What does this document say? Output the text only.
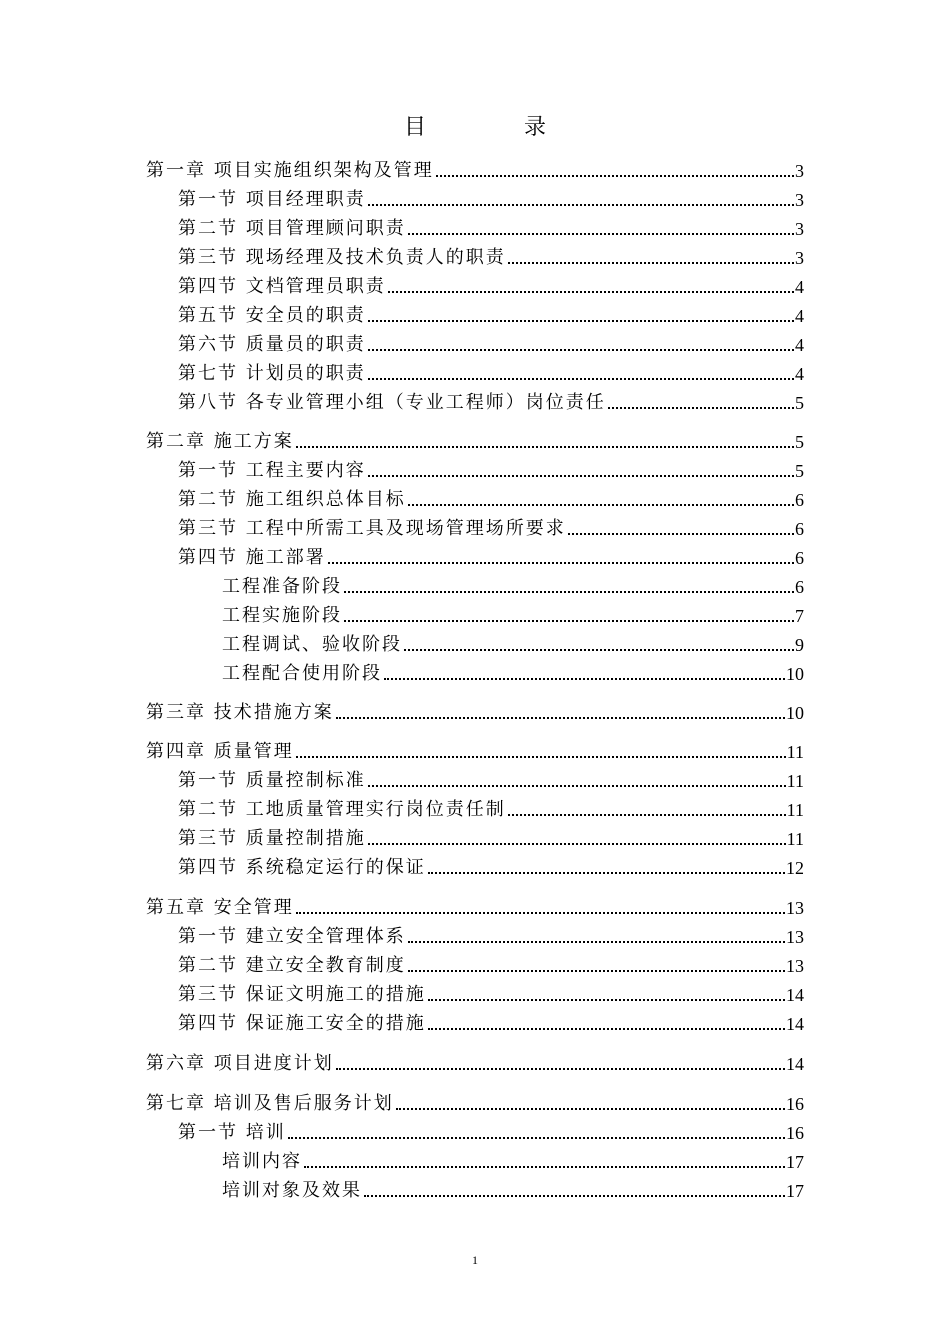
目　录
第一章 项目实施组织架构及管理	3
第一节 项目经理职责	3
第二节 项目管理顾问职责	3
第三节 现场经理及技术负责人的职责	3
第四节 文档管理员职责	4
第五节 安全员的职责	4
第六节 质量员的职责	4
第七节 计划员的职责	4
第八节 各专业管理小组（专业工程师）岗位责任	5
第二章 施工方案	5
第一节 工程主要内容	5
第二节 施工组织总体目标	6
第三节 工程中所需工具及现场管理场所要求	6
第四节 施工部署	6
工程准备阶段	6
工程实施阶段	7
工程调试、验收阶段	9
工程配合使用阶段	10
第三章 技术措施方案	10
第四章 质量管理	11
第一节 质量控制标准	11
第二节 工地质量管理实行岗位责任制	11
第三节 质量控制措施	11
第四节 系统稳定运行的保证	12
第五章 安全管理	13
第一节 建立安全管理体系	13
第二节 建立安全教育制度	13
第三节 保证文明施工的措施	14
第四节 保证施工安全的措施	14
第六章 项目进度计划	14
第七章 培训及售后服务计划	16
第一节 培训	16
培训内容	17
培训对象及效果	17
1
